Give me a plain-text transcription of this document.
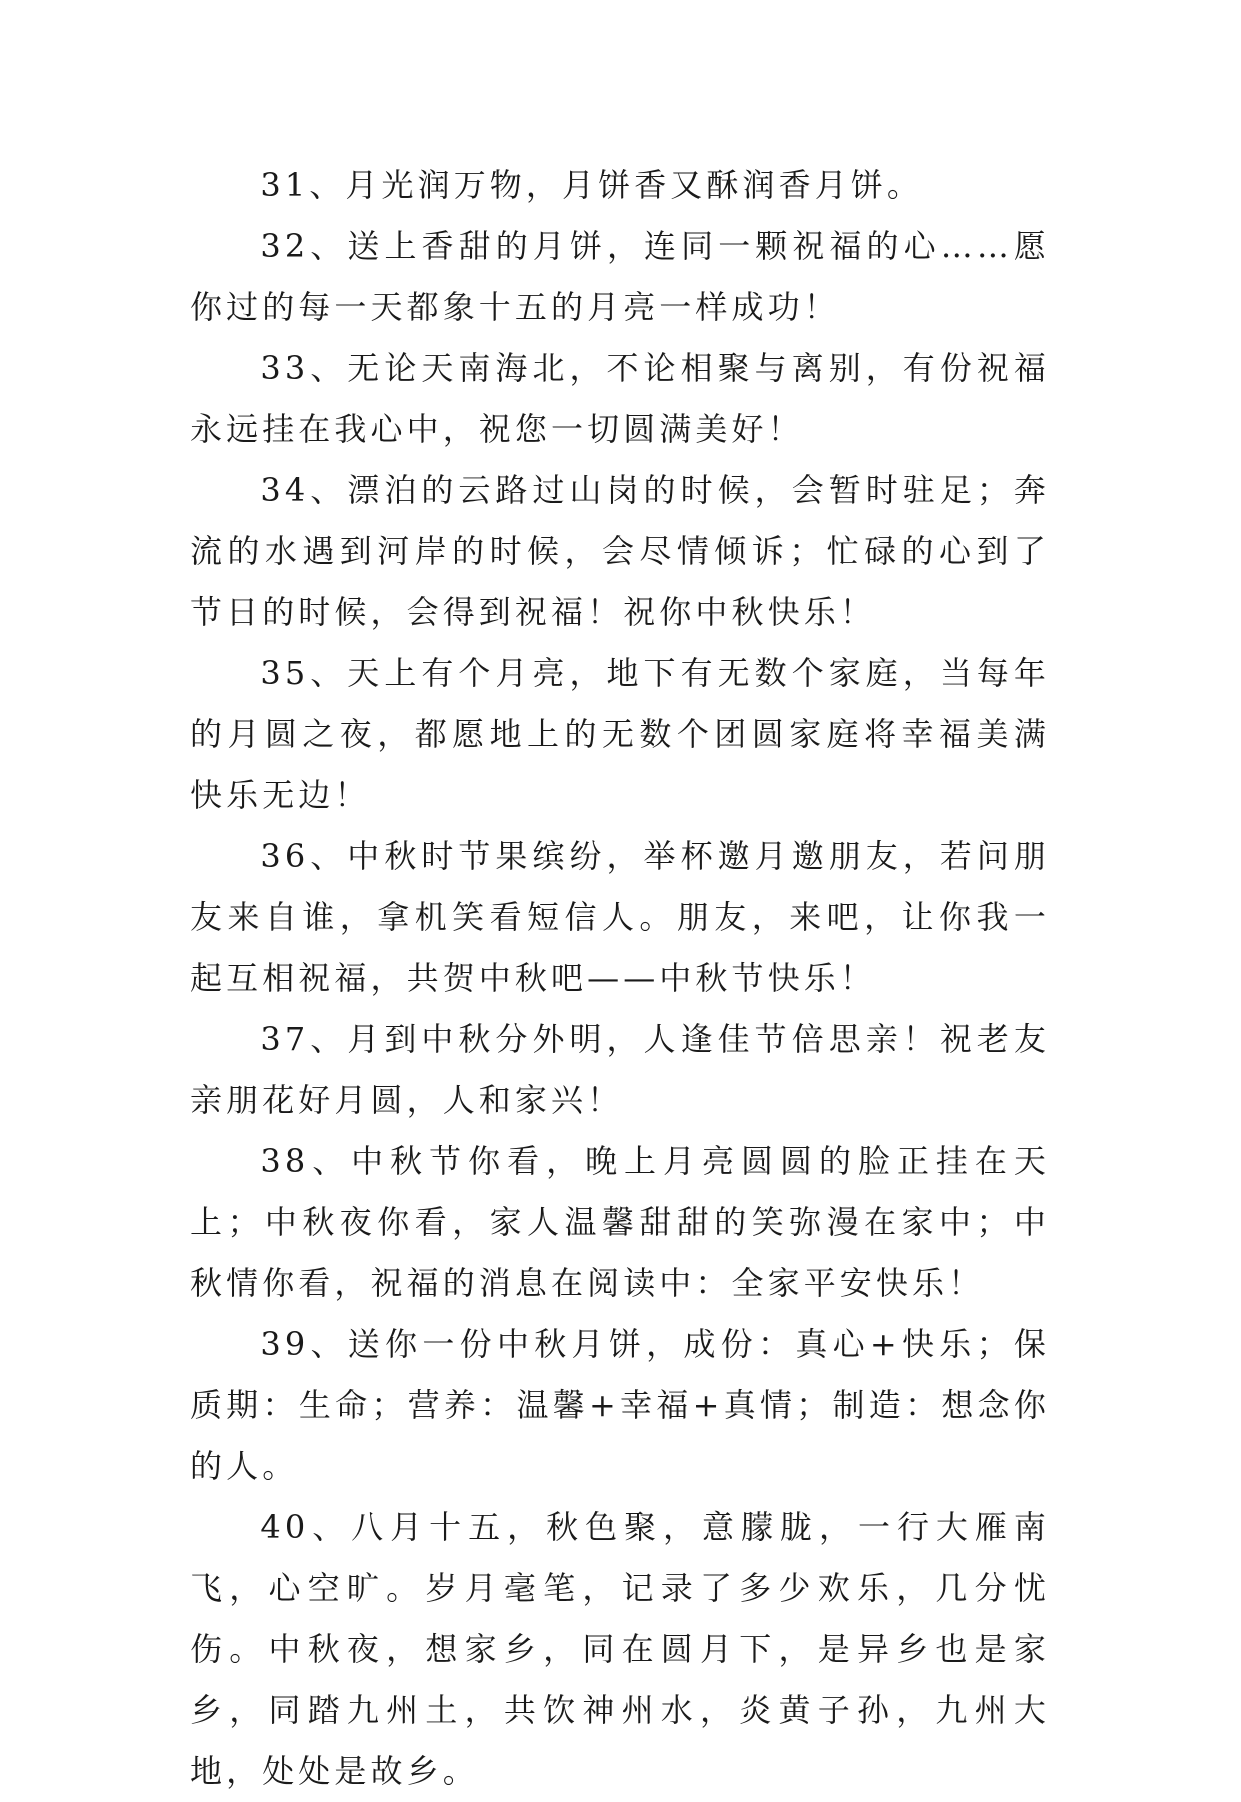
31、月光润万物，月饼香又酥润香月饼。

32、送上香甜的月饼，连同一颗祝福的心……愿你过的每一天都象十五的月亮一样成功！

33、无论天南海北，不论相聚与离别，有份祝福永远挂在我心中，祝您一切圆满美好！

34、漂泊的云路过山岗的时候，会暂时驻足；奔流的水遇到河岸的时候，会尽情倾诉；忙碌的心到了节日的时候，会得到祝福！祝你中秋快乐！

35、天上有个月亮，地下有无数个家庭，当每年的月圆之夜，都愿地上的无数个团圆家庭将幸福美满快乐无边！

36、中秋时节果缤纷，举杯邀月邀朋友，若问朋友来自谁，拿机笑看短信人。朋友，来吧，让你我一起互相祝福，共贺中秋吧——中秋节快乐！

37、月到中秋分外明，人逢佳节倍思亲！祝老友亲朋花好月圆，人和家兴！

38、中秋节你看，晚上月亮圆圆的脸正挂在天上；中秋夜你看，家人温馨甜甜的笑弥漫在家中；中秋情你看，祝福的消息在阅读中：全家平安快乐！

39、送你一份中秋月饼，成份：真心+快乐；保质期：生命；营养：温馨+幸福+真情；制造：想念你的人。

40、八月十五，秋色聚，意朦胧，一行大雁南飞，心空旷。岁月毫笔，记录了多少欢乐，几分忧伤。中秋夜，想家乡，同在圆月下，是异乡也是家乡，同踏九州土，共饮神州水，炎黄子孙，九州大地，处处是故乡。
